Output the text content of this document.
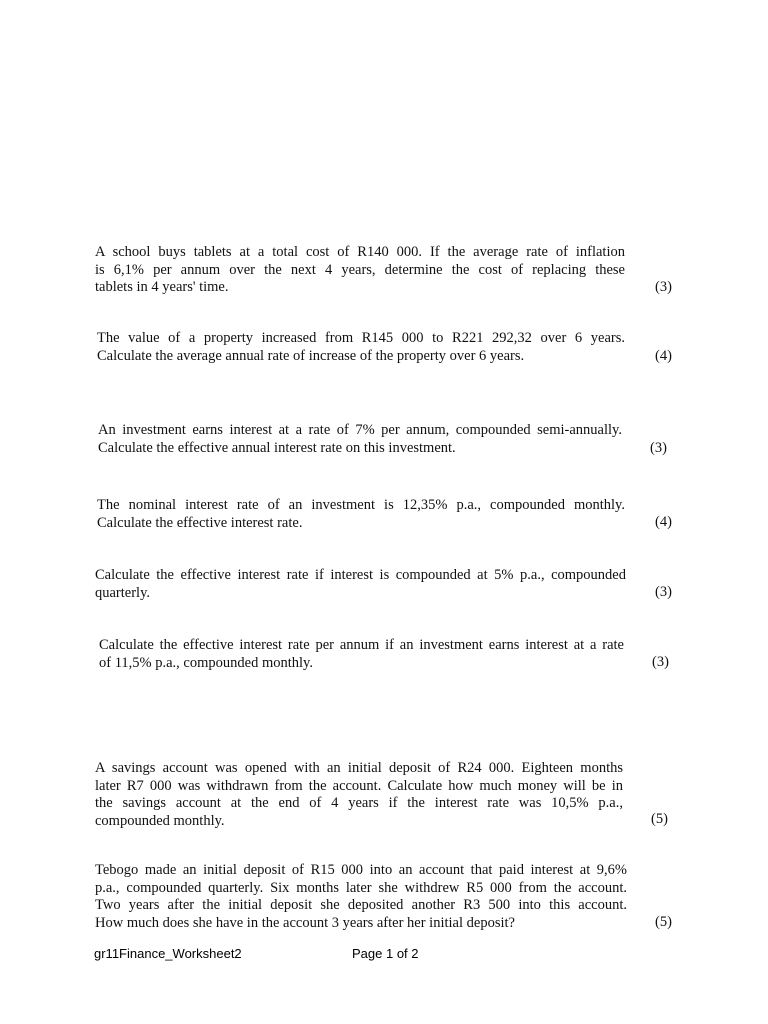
A school buys tablets at a total cost of R140 000. If the average rate of inflation
is 6,1% per annum over the next 4 years, determine the cost of replacing these
tablets in 4 years' time.	(3)
The value of a property increased from R145 000 to R221 292,32 over 6 years.
Calculate the average annual rate of increase of the property over 6 years.	(4)
An investment earns interest at a rate of 7% per annum, compounded semi-annually.
Calculate the effective annual interest rate on this investment.	(3)
The nominal interest rate of an investment is 12,35% p.a., compounded monthly.
Calculate the effective interest rate.	(4)
Calculate the effective interest rate if interest is compounded at 5% p.a., compounded
quarterly.	(3)
Calculate the effective interest rate per annum if an investment earns interest at a rate
of 11,5% p.a., compounded monthly.	(3)
A savings account was opened with an initial deposit of R24 000. Eighteen months
later R7 000 was withdrawn from the account. Calculate how much money will be in
the savings account at the end of 4 years if the interest rate was 10,5% p.a.,
compounded monthly.	(5)
Tebogo made an initial deposit of R15 000 into an account that paid interest at 9,6%
p.a., compounded quarterly. Six months later she withdrew R5 000 from the account.
Two years after the initial deposit she deposited another R3 500 into this account.
How much does she have in the account 3 years after her initial deposit?	(5)
gr11Finance_Worksheet2	Page 1 of 2
